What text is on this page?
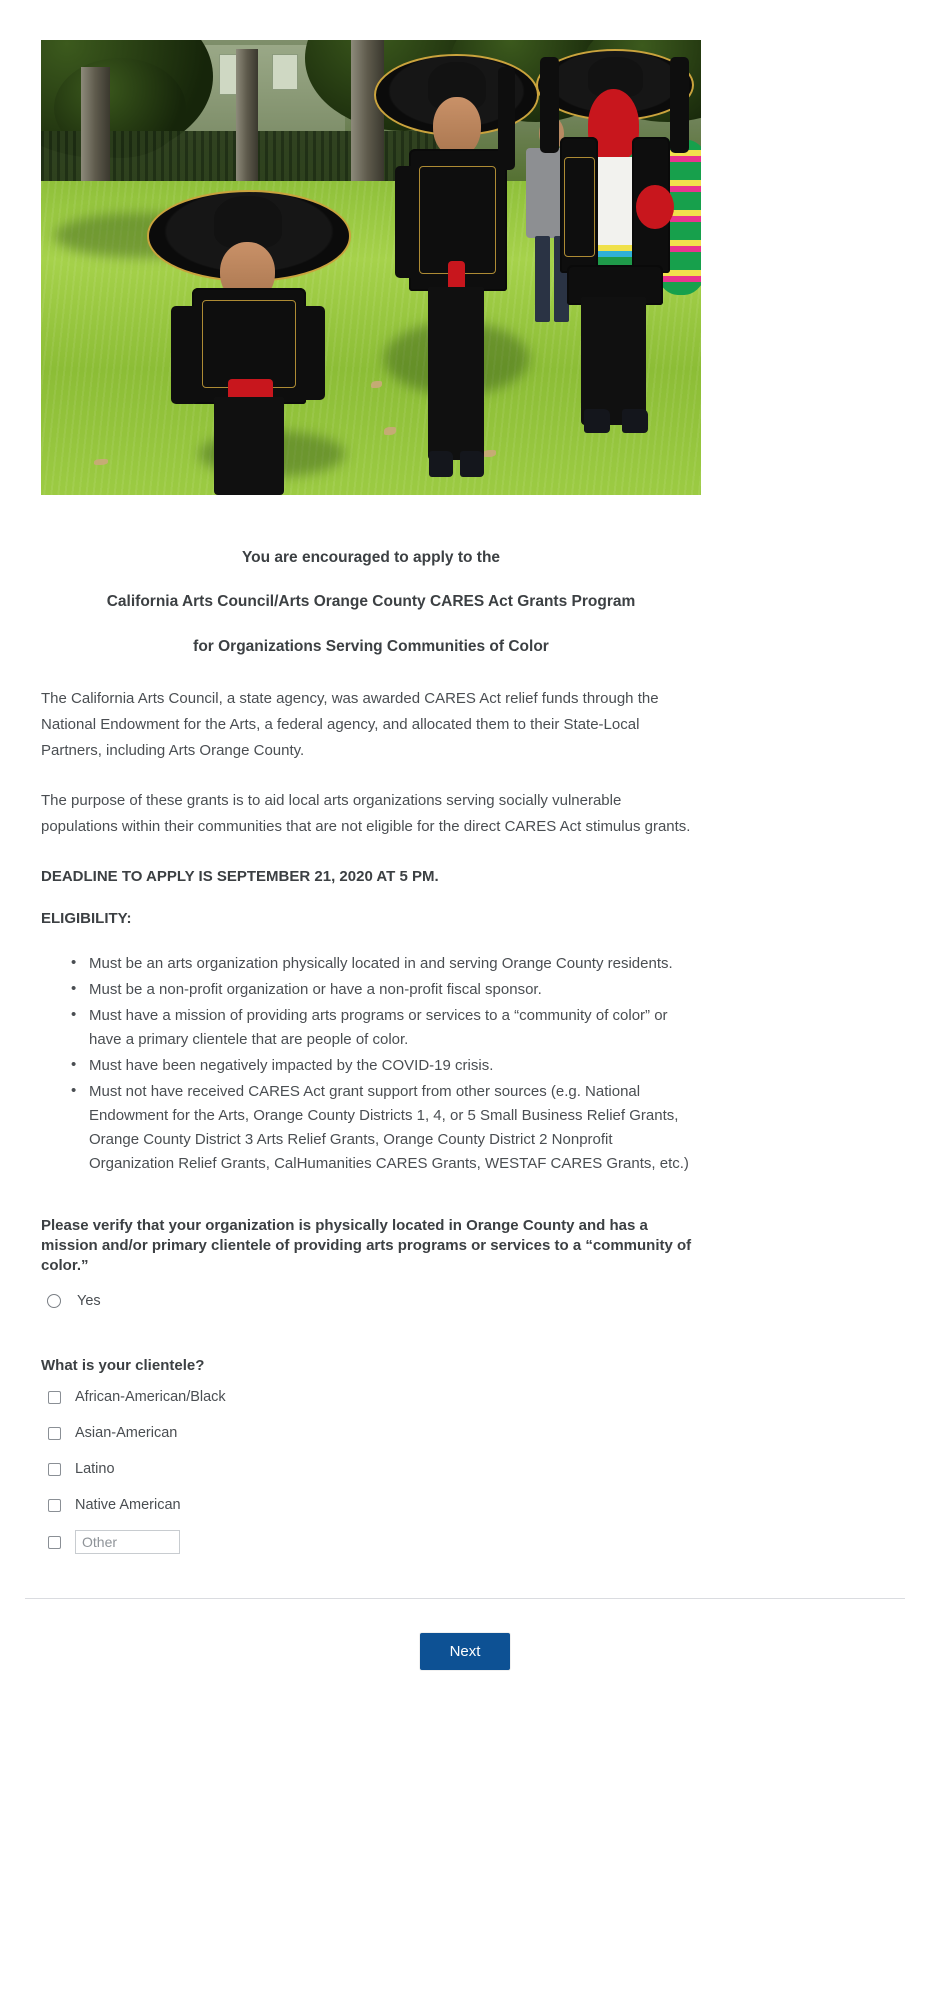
You are encouraged to apply to the
California Arts Council/Arts Orange County CARES Act Grants Program
for Organizations Serving Communities of Color

The California Arts Council, a state agency, was awarded CARES Act relief funds through the National Endowment for the Arts, a federal agency, and allocated them to their State-Local Partners, including Arts Orange County.

The purpose of these grants is to aid local arts organizations serving socially vulnerable populations within their communities that are not eligible for the direct CARES Act stimulus grants.

DEADLINE TO APPLY IS SEPTEMBER 21, 2020 AT 5 PM.

ELIGIBILITY:

• Must be an arts organization physically located in and serving Orange County residents.
• Must be a non-profit organization or have a non-profit fiscal sponsor.
• Must have a mission of providing arts programs or services to a “community of color” or have a primary clientele that are people of color.
• Must have been negatively impacted by the COVID-19 crisis.
• Must not have received CARES Act grant support from other sources (e.g. National Endowment for the Arts, Orange County Districts 1, 4, or 5 Small Business Relief Grants, Orange County District 3 Arts Relief Grants, Orange County District 2 Nonprofit Organization Relief Grants, CalHumanities CARES Grants, WESTAF CARES Grants, etc.)
Please verify that your organization is physically located in Orange County and has a mission and/or primary clientele of providing arts programs or services to a “community of color.”
Yes
What is your clientele?
African-American/Black
Asian-American
Latino
Native American
Other
Next
